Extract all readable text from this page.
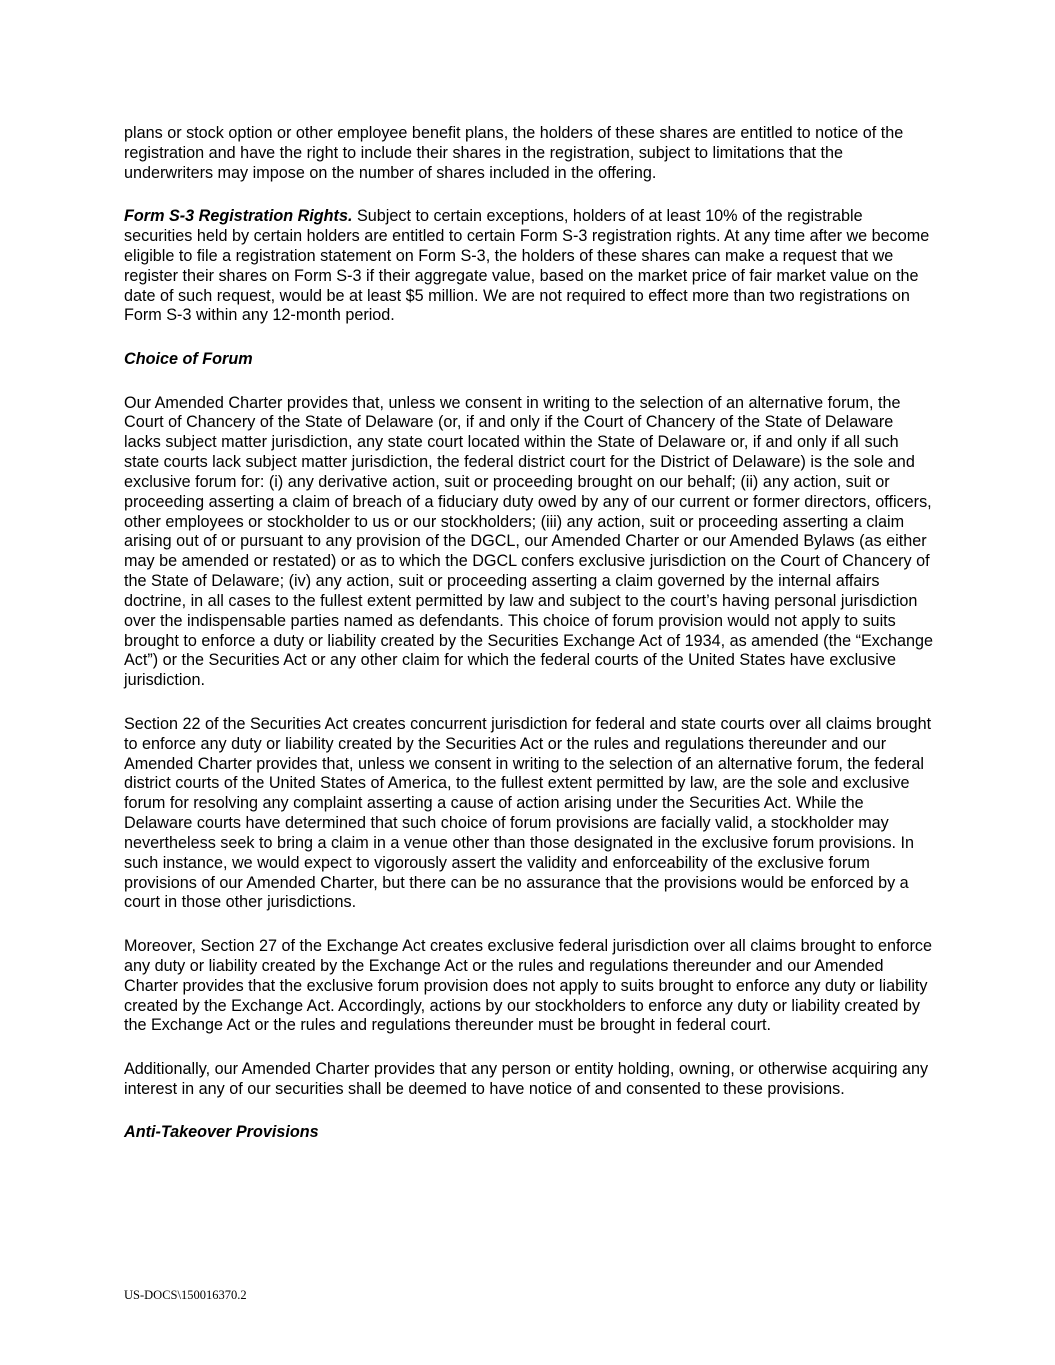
plans or stock option or other employee benefit plans, the holders of these shares are entitled to notice of the registration and have the right to include their shares in the registration, subject to limitations that the underwriters may impose on the number of shares included in the offering.

Form S-3 Registration Rights. Subject to certain exceptions, holders of at least 10% of the registrable securities held by certain holders are entitled to certain Form S-3 registration rights. At any time after we become eligible to file a registration statement on Form S-3, the holders of these shares can make a request that we register their shares on Form S-3 if their aggregate value, based on the market price of fair market value on the date of such request, would be at least $5 million. We are not required to effect more than two registrations on Form S-3 within any 12-month period.

Choice of Forum

Our Amended Charter provides that, unless we consent in writing to the selection of an alternative forum, the Court of Chancery of the State of Delaware (or, if and only if the Court of Chancery of the State of Delaware lacks subject matter jurisdiction, any state court located within the State of Delaware or, if and only if all such state courts lack subject matter jurisdiction, the federal district court for the District of Delaware) is the sole and exclusive forum for: (i) any derivative action, suit or proceeding brought on our behalf; (ii) any action, suit or proceeding asserting a claim of breach of a fiduciary duty owed by any of our current or former directors, officers, other employees or stockholder to us or our stockholders; (iii) any action, suit or proceeding asserting a claim arising out of or pursuant to any provision of the DGCL, our Amended Charter or our Amended Bylaws (as either may be amended or restated) or as to which the DGCL confers exclusive jurisdiction on the Court of Chancery of the State of Delaware; (iv) any action, suit or proceeding asserting a claim governed by the internal affairs doctrine, in all cases to the fullest extent permitted by law and subject to the court’s having personal jurisdiction over the indispensable parties named as defendants. This choice of forum provision would not apply to suits brought to enforce a duty or liability created by the Securities Exchange Act of 1934, as amended (the “Exchange Act”) or the Securities Act or any other claim for which the federal courts of the United States have exclusive jurisdiction.

Section 22 of the Securities Act creates concurrent jurisdiction for federal and state courts over all claims brought to enforce any duty or liability created by the Securities Act or the rules and regulations thereunder and our Amended Charter provides that, unless we consent in writing to the selection of an alternative forum, the federal district courts of the United States of America, to the fullest extent permitted by law, are the sole and exclusive forum for resolving any complaint asserting a cause of action arising under the Securities Act. While the Delaware courts have determined that such choice of forum provisions are facially valid, a stockholder may nevertheless seek to bring a claim in a venue other than those designated in the exclusive forum provisions. In such instance, we would expect to vigorously assert the validity and enforceability of the exclusive forum provisions of our Amended Charter, but there can be no assurance that the provisions would be enforced by a court in those other jurisdictions.

Moreover, Section 27 of the Exchange Act creates exclusive federal jurisdiction over all claims brought to enforce any duty or liability created by the Exchange Act or the rules and regulations thereunder and our Amended Charter provides that the exclusive forum provision does not apply to suits brought to enforce any duty or liability created by the Exchange Act. Accordingly, actions by our stockholders to enforce any duty or liability created by the Exchange Act or the rules and regulations thereunder must be brought in federal court.

Additionally, our Amended Charter provides that any person or entity holding, owning, or otherwise acquiring any interest in any of our securities shall be deemed to have notice of and consented to these provisions.

Anti-Takeover Provisions
US-DOCS\150016370.2
